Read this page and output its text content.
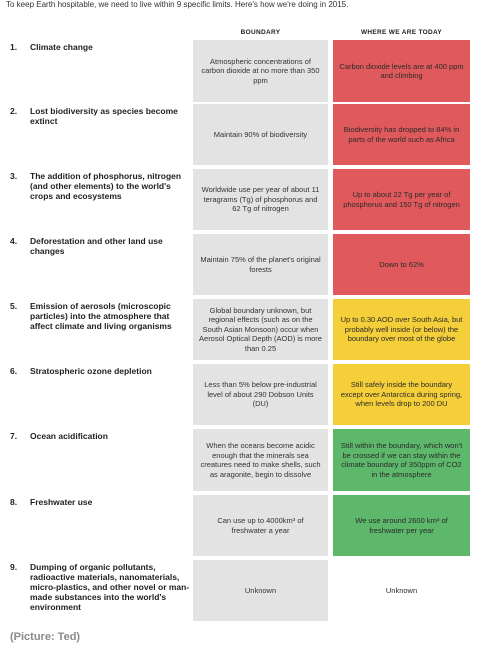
To keep Earth hospitable, we need to live within 9 specific limits. Here's how we're doing in 2015.
BOUNDARY	WHERE WE ARE TODAY
1. Climate change
Atmospheric concentrations of carbon dioxide at no more than 350 ppm
Carbon dioxide levels are at 400 ppm and climbing
2. Lost biodiversity as species become extinct
Maintain 90% of biodiversity
Biodiversity has dropped to 84% in parts of the world such as Africa
3. The addition of phosphorus, nitrogen (and other elements) to the world's crops and ecosystems
Worldwide use per year of about 11 teragrams (Tg) of phosphorus and 62 Tg of nitrogen
Up to about 22 Tg per year of phosphorus and 150 Tg of nitrogen
4. Deforestation and other land use changes
Maintain 75% of the planet's original forests
Down to 62%
5. Emission of aerosols (microscopic particles) into the atmosphere that affect climate and living organisms
Global boundary unknown, but regional effects (such as on the South Asian Monsoon) occur when Aerosol Optical Depth (AOD) is more than 0.25
Up to 0.30 AOD over South Asia, but probably well inside (or below) the boundary over most of the globe
6. Stratospheric ozone depletion
Less than 5% below pre-industrial level of about 290 Dobson Units (DU)
Still safely inside the boundary except over Antarctica during spring, when levels drop to 200 DU
7. Ocean acidification
When the oceans become acidic enough that the minerals sea creatures need to make shells, such as aragonite, begin to dissolve
Still within the boundary, which won't be crossed if we can stay within the climate boundary of 350ppm of CO2 in the atmosphere
8. Freshwater use
Can use up to 4000km³ of freshwater a year
We use around 2600 km³ of freshwater per year
9. Dumping of organic pollutants, radioactive materials, nanomaterials, micro-plastics, and other novel or man-made substances into the world's environment
Unknown	Unknown
(Picture: Ted)
